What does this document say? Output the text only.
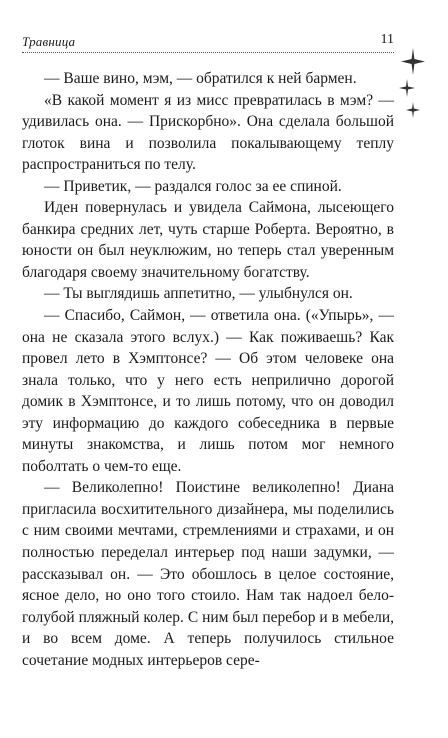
Травница	11

— Ваше вино, мэм, — обратился к ней бармен.

«В какой момент я из мисс превратилась в мэм? — удивилась она. — Прискорбно». Она сделала большой глоток вина и позволила покалывающему теплу распространиться по телу.

— Приветик, — раздался голос за ее спиной.

Иден повернулась и увидела Саймона, лысеющего банкира средних лет, чуть старше Роберта. Вероятно, в юности он был неуклюжим, но теперь стал уверенным благодаря своему значительному богатству.

— Ты выглядишь аппетитно, — улыбнулся он.

— Спасибо, Саймон, — ответила она. («Упырь», — она не сказала этого вслух.) — Как поживаешь? Как провел лето в Хэмптонсе? — Об этом человеке она знала только, что у него есть неприлично дорогой домик в Хэмптонсе, и то лишь потому, что он доводил эту информацию до каждого собеседника в первые минуты знакомства, и лишь потом мог немного поболтать о чем-то еще.

— Великолепно! Поистине великолепно! Диана пригласила восхитительного дизайнера, мы поделились с ним своими мечтами, стремлениями и страхами, и он полностью переделал интерьер под наши задумки, — рассказывал он. — Это обошлось в целое состояние, ясное дело, но оно того стоило. Нам так надоел бело-голубой пляжный колер. С ним был перебор и в мебели, и во всем доме. А теперь получилось стильное сочетание модных интерьеров сере-
